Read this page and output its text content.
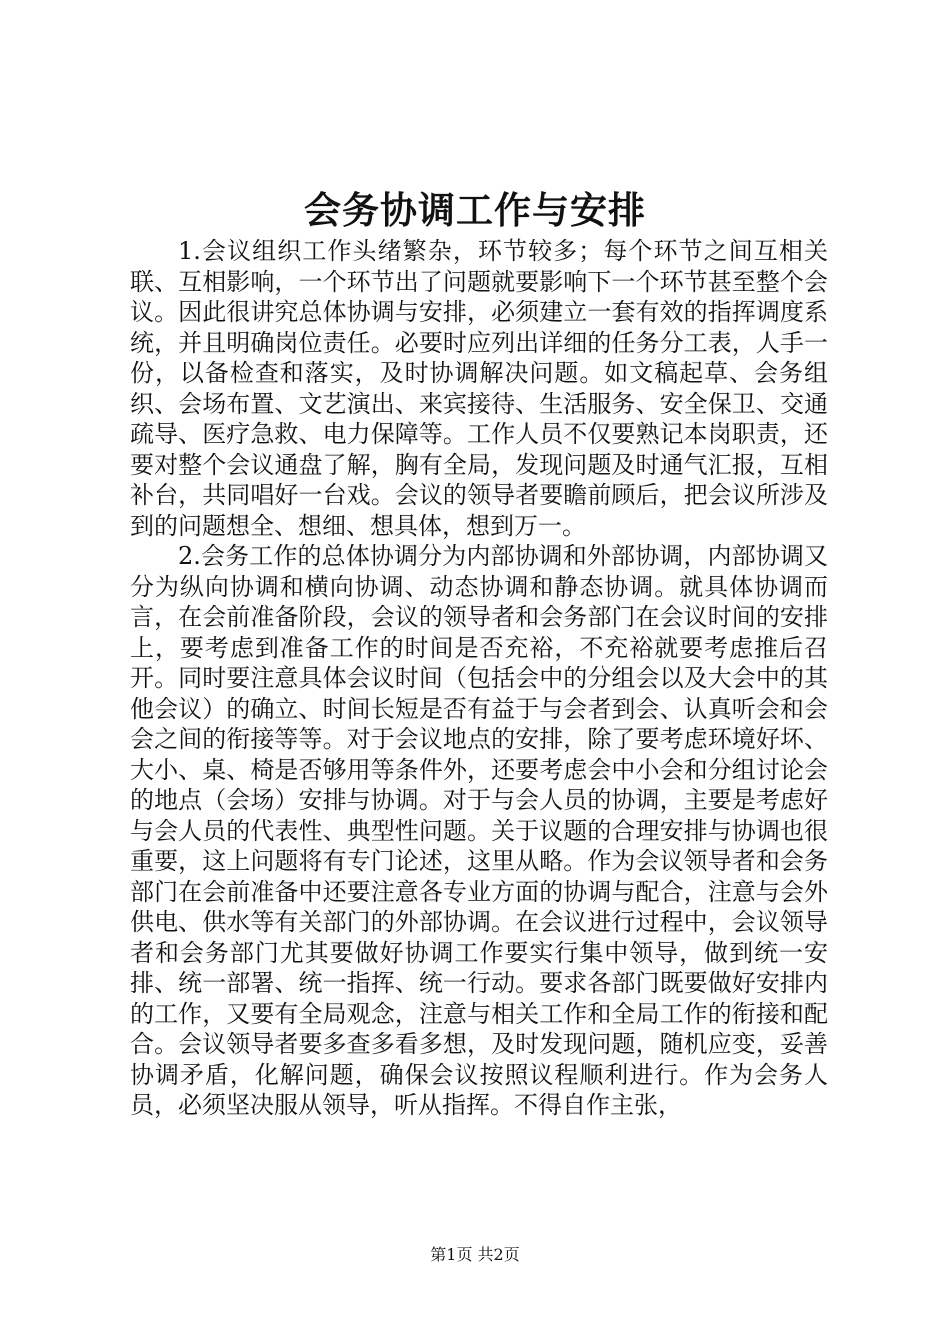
会务协调工作与安排

1.会议组织工作头绪繁杂，环节较多；每个环节之间互相关联、互相影响，一个环节出了问题就要影响下一个环节甚至整个会议。因此很讲究总体协调与安排，必须建立一套有效的指挥调度系统，并且明确岗位责任。必要时应列出详细的任务分工表，人手一份，以备检查和落实，及时协调解决问题。如文稿起草、会务组织、会场布置、文艺演出、来宾接待、生活服务、安全保卫、交通疏导、医疗急救、电力保障等。工作人员不仅要熟记本岗职责，还要对整个会议通盘了解，胸有全局，发现问题及时通气汇报，互相补台，共同唱好一台戏。会议的领导者要瞻前顾后，把会议所涉及到的问题想全、想细、想具体，想到万一。

2.会务工作的总体协调分为内部协调和外部协调，内部协调又分为纵向协调和横向协调、动态协调和静态协调。就具体协调而言，在会前准备阶段，会议的领导者和会务部门在会议时间的安排上，要考虑到准备工作的时间是否充裕，不充裕就要考虑推后召开。同时要注意具体会议时间（包括会中的分组会以及大会中的其他会议）的确立、时间长短是否有益于与会者到会、认真听会和会会之间的衔接等等。对于会议地点的安排，除了要考虑环境好坏、大小、桌、椅是否够用等条件外，还要考虑会中小会和分组讨论会的地点（会场）安排与协调。对于与会人员的协调，主要是考虑好与会人员的代表性、典型性问题。关于议题的合理安排与协调也很重要，这上问题将有专门论述，这里从略。作为会议领导者和会务部门在会前准备中还要注意各专业方面的协调与配合，注意与会外供电、供水等有关部门的外部协调。在会议进行过程中，会议领导者和会务部门尤其要做好协调工作要实行集中领导，做到统一安排、统一部署、统一指挥、统一行动。要求各部门既要做好安排内的工作，又要有全局观念，注意与相关工作和全局工作的衔接和配合。会议领导者要多查多看多想，及时发现问题，随机应变，妥善协调矛盾，化解问题，确保会议按照议程顺利进行。作为会务人员，必须坚决服从领导，听从指挥。不得自作主张，

第1页 共2页
